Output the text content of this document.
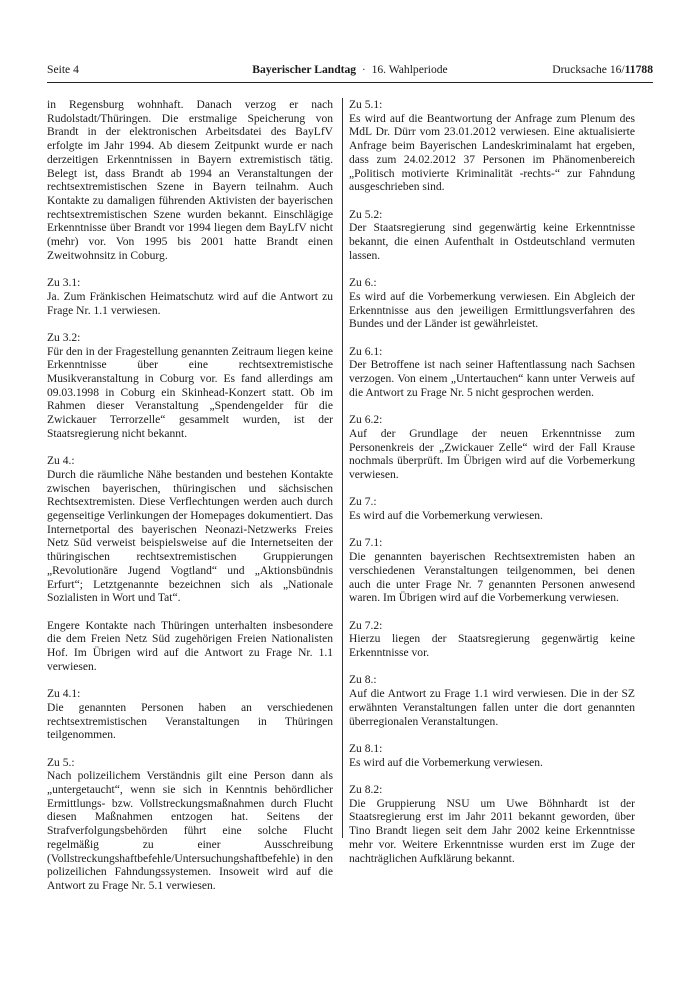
Seite 4	Bayerischer Landtag · 16. Wahlperiode	Drucksache 16/11788
in Regensburg wohnhaft. Danach verzog er nach Rudolstadt/Thüringen. Die erstmalige Speicherung von Brandt in der elektronischen Arbeitsdatei des BayLfV erfolgte im Jahr 1994. Ab diesem Zeitpunkt wurde er nach derzeitigen Erkenntnissen in Bayern extremistisch tätig. Belegt ist, dass Brandt ab 1994 an Veranstaltungen der rechtsextremistischen Szene in Bayern teilnahm. Auch Kontakte zu damaligen führenden Aktivisten der bayerischen rechtsextremistischen Szene wurden bekannt. Einschlägige Erkenntnisse über Brandt vor 1994 liegen dem BayLfV nicht (mehr) vor. Von 1995 bis 2001 hatte Brandt einen Zweitwohnsitz in Coburg.
Zu 3.1:
Ja. Zum Fränkischen Heimatschutz wird auf die Antwort zu Frage Nr. 1.1 verwiesen.
Zu 3.2:
Für den in der Fragestellung genannten Zeitraum liegen keine Erkenntnisse über eine rechtsextremistische Musikveranstaltung in Coburg vor. Es fand allerdings am 09.03.1998 in Coburg ein Skinhead-Konzert statt. Ob im Rahmen dieser Veranstaltung „Spendengelder für die Zwickauer Terrorzelle“ gesammelt wurden, ist der Staatsregierung nicht bekannt.
Zu 4.:
Durch die räumliche Nähe bestanden und bestehen Kontakte zwischen bayerischen, thüringischen und sächsischen Rechtsextremisten. Diese Verflechtungen werden auch durch gegenseitige Verlinkungen der Homepages dokumentiert. Das Internetportal des bayerischen Neonazi-Netzwerks Freies Netz Süd verweist beispielsweise auf die Internetseiten der thüringischen rechtsextremistischen Gruppierungen „Revolutionäre Jugend Vogtland“ und „Aktionsbündnis Erfurt“; Letztgenannte bezeichnen sich als „Nationale Sozialisten in Wort und Tat“.
Engere Kontakte nach Thüringen unterhalten insbesondere die dem Freien Netz Süd zugehörigen Freien Nationalisten Hof. Im Übrigen wird auf die Antwort zu Frage Nr. 1.1 verwiesen.
Zu 4.1:
Die genannten Personen haben an verschiedenen rechtsextremistischen Veranstaltungen in Thüringen teilgenommen.
Zu 5.:
Nach polizeilichem Verständnis gilt eine Person dann als „untergetaucht“, wenn sie sich in Kenntnis behördlicher Ermittlungs- bzw. Vollstreckungsmaßnahmen durch Flucht diesen Maßnahmen entzogen hat. Seitens der Strafverfolgungsbehörden führt eine solche Flucht regelmäßig zu einer Ausschreibung (Vollstreckungshaftbefehle/Untersuchungshaftbefehle) in den polizeilichen Fahndungssystemen. Insoweit wird auf die Antwort zu Frage Nr. 5.1 verwiesen.
Zu 5.1:
Es wird auf die Beantwortung der Anfrage zum Plenum des MdL Dr. Dürr vom 23.01.2012 verwiesen. Eine aktualisierte Anfrage beim Bayerischen Landeskriminalamt hat ergeben, dass zum 24.02.2012 37 Personen im Phänomenbereich „Politisch motivierte Kriminalität -rechts-“ zur Fahndung ausgeschrieben sind.
Zu 5.2:
Der Staatsregierung sind gegenwärtig keine Erkenntnisse bekannt, die einen Aufenthalt in Ostdeutschland vermuten lassen.
Zu 6.:
Es wird auf die Vorbemerkung verwiesen. Ein Abgleich der Erkenntnisse aus den jeweiligen Ermittlungsverfahren des Bundes und der Länder ist gewährleistet.
Zu 6.1:
Der Betroffene ist nach seiner Haftentlassung nach Sachsen verzogen. Von einem „Untertauchen“ kann unter Verweis auf die Antwort zu Frage Nr. 5 nicht gesprochen werden.
Zu 6.2:
Auf der Grundlage der neuen Erkenntnisse zum Personenkreis der „Zwickauer Zelle“ wird der Fall Krause nochmals überprüft. Im Übrigen wird auf die Vorbemerkung verwiesen.
Zu 7.:
Es wird auf die Vorbemerkung verwiesen.
Zu 7.1:
Die genannten bayerischen Rechtsextremisten haben an verschiedenen Veranstaltungen teilgenommen, bei denen auch die unter Frage Nr. 7 genannten Personen anwesend waren. Im Übrigen wird auf die Vorbemerkung verwiesen.
Zu 7.2:
Hierzu liegen der Staatsregierung gegenwärtig keine Erkenntnisse vor.
Zu 8.:
Auf die Antwort zu Frage 1.1 wird verwiesen. Die in der SZ erwähnten Veranstaltungen fallen unter die dort genannten überregionalen Veranstaltungen.
Zu 8.1:
Es wird auf die Vorbemerkung verwiesen.
Zu 8.2:
Die Gruppierung NSU um Uwe Böhnhardt ist der Staatsregierung erst im Jahr 2011 bekannt geworden, über Tino Brandt liegen seit dem Jahr 2002 keine Erkenntnisse mehr vor. Weitere Erkenntnisse wurden erst im Zuge der nachträglichen Aufklärung bekannt.
